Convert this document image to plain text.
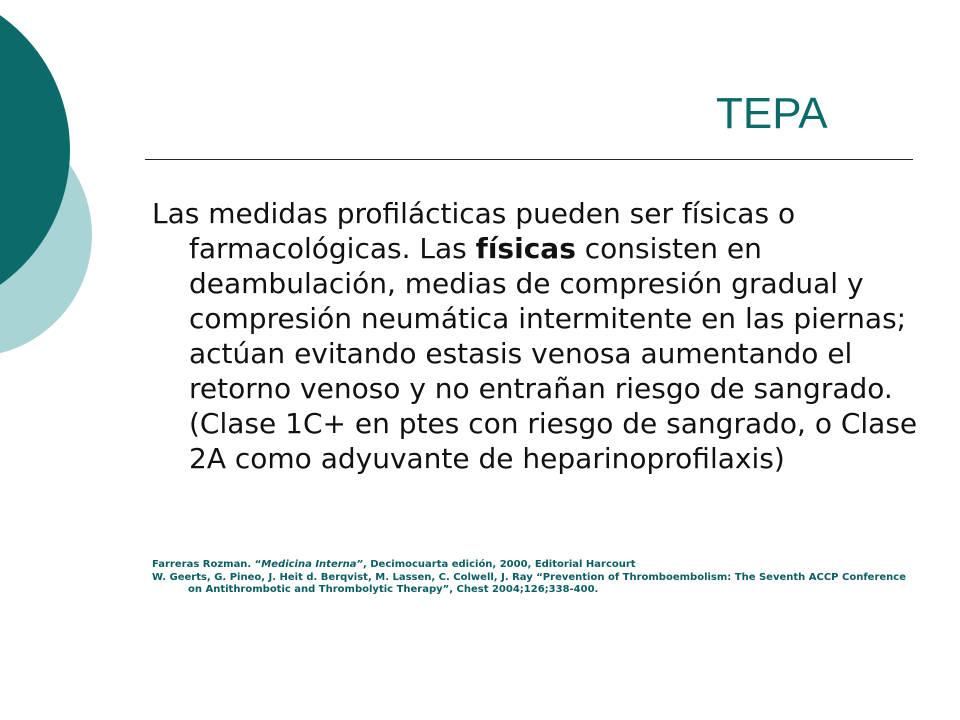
TEPA

Las medidas profilácticas pueden ser físicas o farmacológicas. Las físicas consisten en deambulación, medias de compresión gradual y compresión neumática intermitente en las piernas; actúan evitando estasis venosa aumentando el retorno venoso y no entrañan riesgo de sangrado. (Clase 1C+ en ptes con riesgo de sangrado, o Clase 2A como adyuvante de heparinoprofilaxis)

Farreras Rozman. “Medicina Interna”, Decimocuarta edición, 2000, Editorial Harcourt

W. Geerts, G. Pineo, J. Heit d. Berqvist, M. Lassen, C. Colwell, J. Ray “Prevention of Thromboembolism: The Seventh ACCP Conference on Antithrombotic and Thrombolytic Therapy”, Chest 2004;126;338-400.
